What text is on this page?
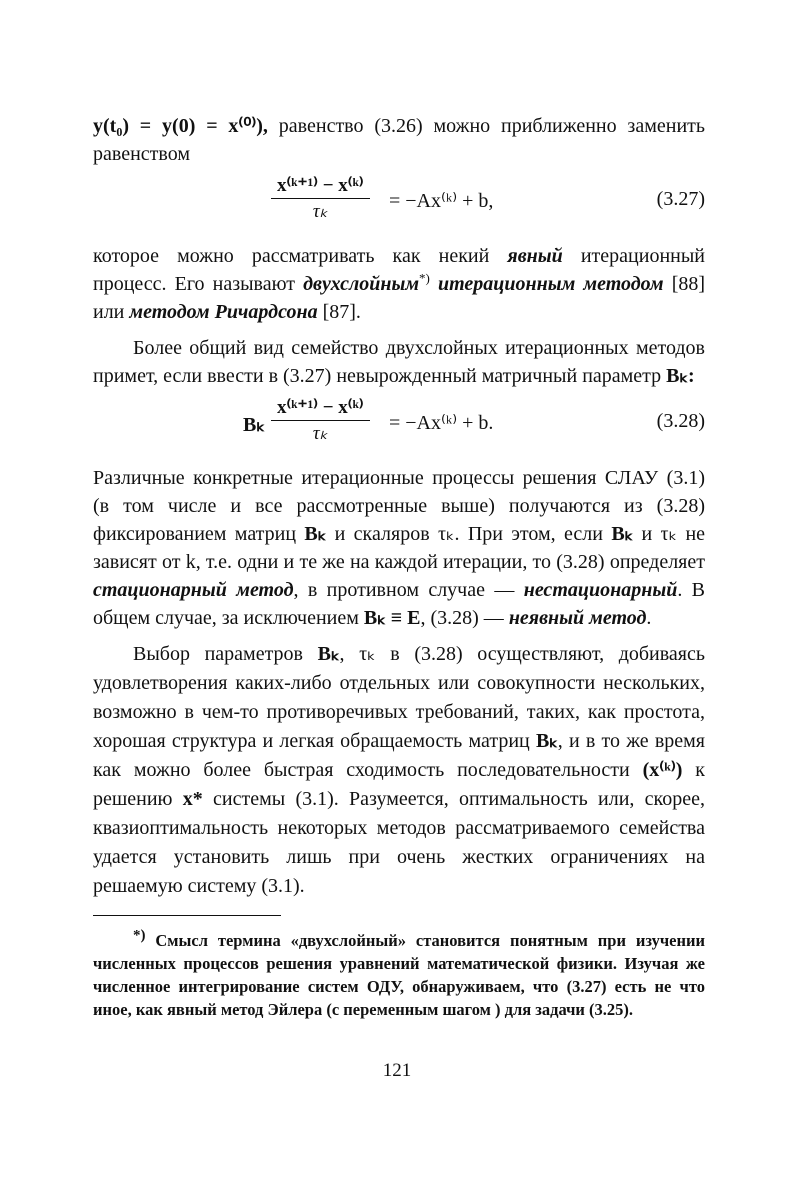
y(t₀) = y(0) = x⁽⁰⁾), равенство (3.26) можно приближенно заменить равенством

x⁽ᵏ⁺¹⁾ − x⁽ᵏ⁾
τₖ	= −Ax⁽ᵏ⁾ + b,	(3.27)

которое можно рассматривать как некий явный итерационный процесс. Его называют двухслойным*) итерационным методом [88] или методом Ричардсона [87].

Более общий вид семейство двухслойных итерационных методов примет, если ввести в (3.27) невырожденный матричный параметр Bₖ:

Bₖ
x⁽ᵏ⁺¹⁾ − x⁽ᵏ⁾
τₖ	= −Ax⁽ᵏ⁾ + b.	(3.28)

Различные конкретные итерационные процессы решения СЛАУ (3.1) (в том числе и все рассмотренные выше) получаются из (3.28) фиксированием матриц Bₖ и скаляров τₖ. При этом, если Bₖ и τₖ не зависят от k, т.е. одни и те же на каждой итерации, то (3.28) определяет стационарный метод, в противном случае — нестационарный. В общем случае, за исключением Bₖ ≡ E, (3.28) — неявный метод.

Выбор параметров Bₖ, τₖ в (3.28) осуществляют, добиваясь удовлетворения каких-либо отдельных или совокупности нескольких, возможно в чем-то противоречивых требований, таких, как простота, хорошая структура и легкая обращаемость матриц Bₖ, и в то же время как можно более быстрая сходимость последовательности (x⁽ᵏ⁾) к решению x* системы (3.1). Разумеется, оптимальность или, скорее, квазиоптимальность некоторых методов рассматриваемого семейства удается установить лишь при очень жестких ограничениях на решаемую систему (3.1).

*) Смысл термина «двухслойный» становится понятным при изучении численных процессов решения уравнений математической физики. Изучая же численное интегрирование систем ОДУ, обнаруживаем, что (3.27) есть не что иное, как явный метод Эйлера (с переменным шагом ) для задачи (3.25).

121
